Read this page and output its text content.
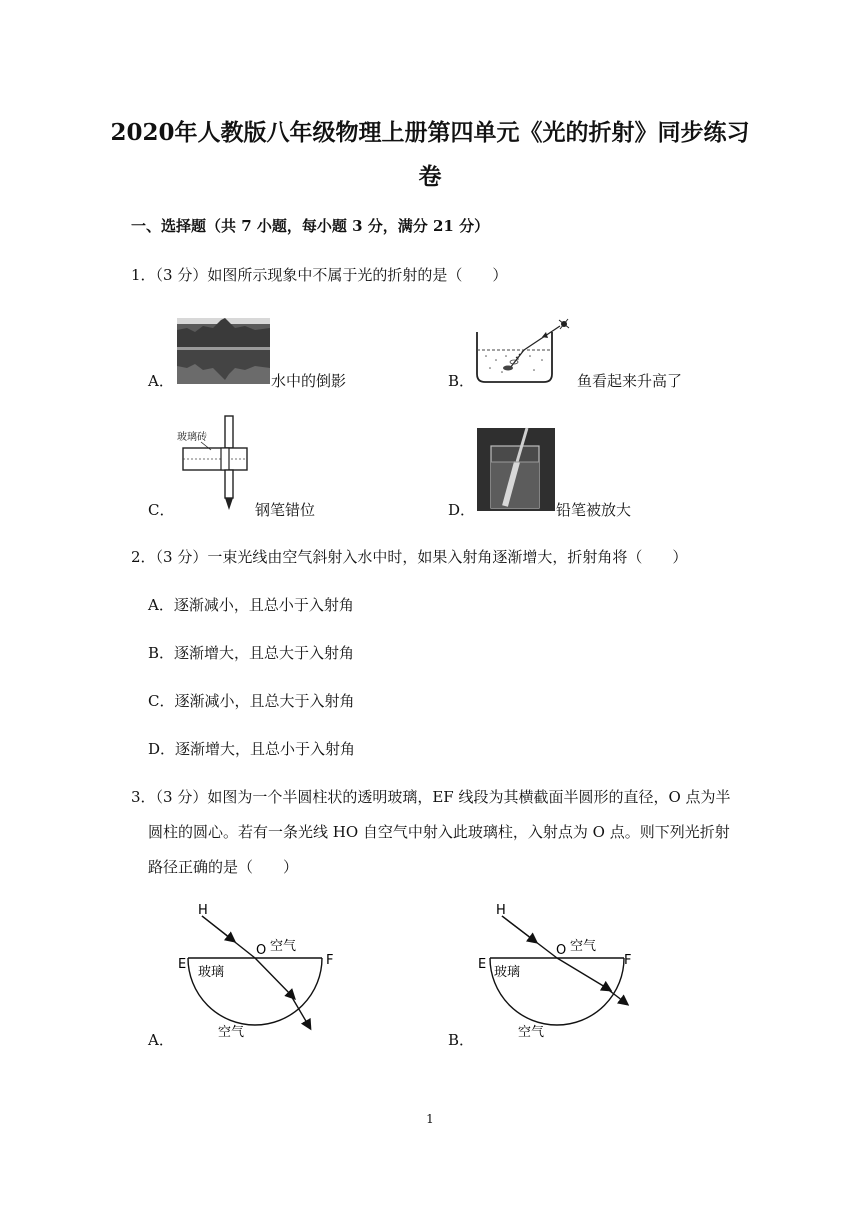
2020年人教版八年级物理上册第四单元《光的折射》同步练习
卷
一、选择题（共 7 小题，每小题 3 分，满分 21 分）
1．（3 分）如图所示现象中不属于光的折射的是（　　）
A．	水中的倒影	B．	鱼看起来升高了
C．
玻璃砖
钢笔错位	D．	铅笔被放大
2．（3 分）一束光线由空气斜射入水中时，如果入射角逐渐增大，折射角将（　　）
A．逐渐减小，且总小于入射角
B．逐渐增大，且总大于入射角
C．逐渐减小，且总大于入射角
D．逐渐增大，且总小于入射角
3．（3 分）如图为一个半圆柱状的透明玻璃，EF 线段为其横截面半圆形的直径，O 点为半
圆柱的圆心。若有一条光线 HO 自空气中射入此玻璃柱，入射点为 O 点。则下列光折射
路径正确的是（　　）
A．
H
O
E	F
空气
玻璃
空气	B．
H
O
E	F
空气
玻璃
空气
1
